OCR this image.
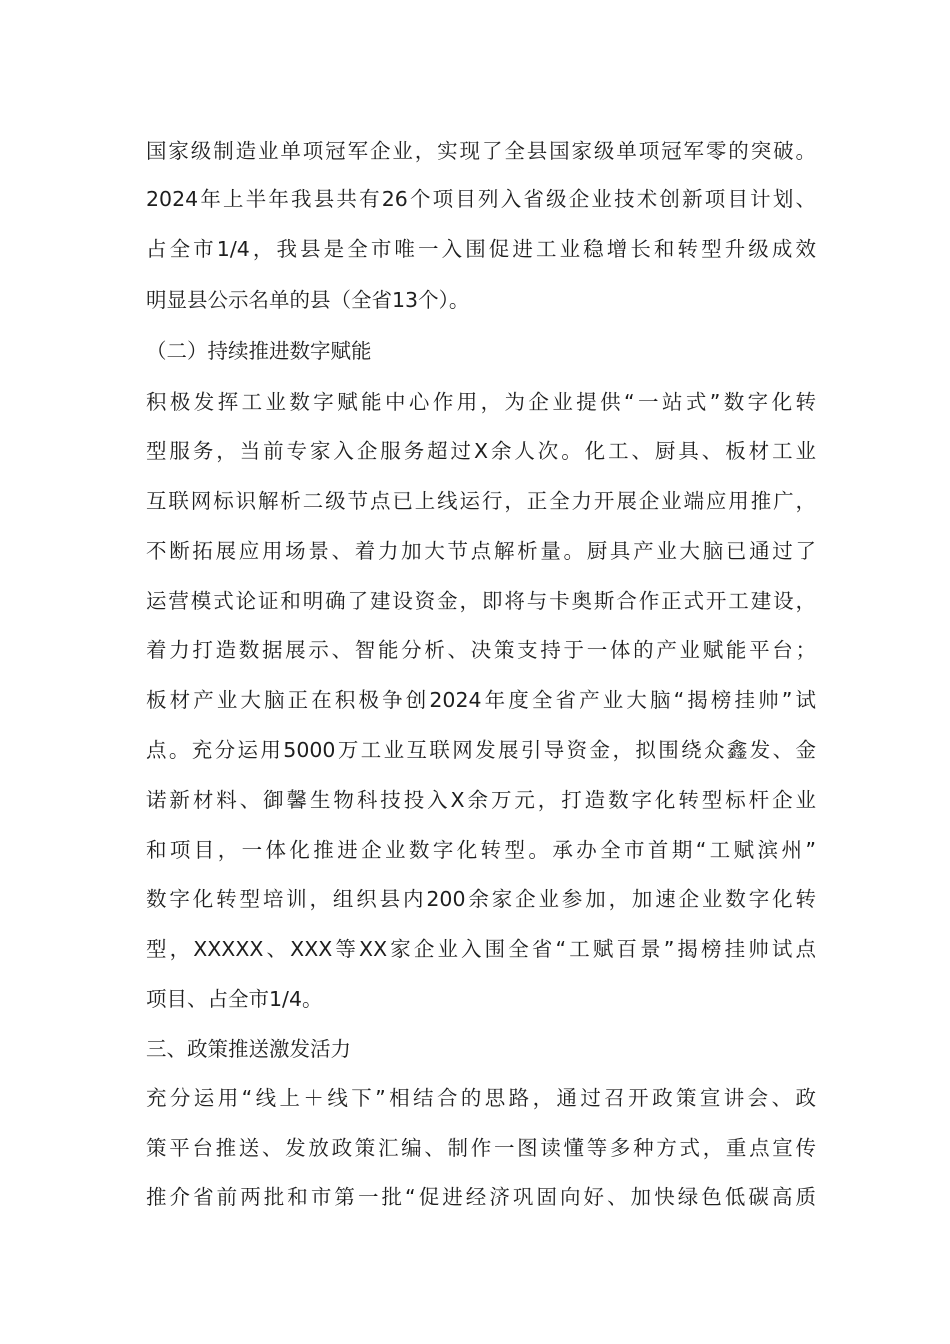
国家级制造业单项冠军企业，实现了全县国家级单项冠军零的突破。
2024年上半年我县共有26个项目列入省级企业技术创新项目计划、
占全市1/4，我县是全市唯一入围促进工业稳增长和转型升级成效
明显县公示名单的县（全省13个）。
（二）持续推进数字赋能
积极发挥工业数字赋能中心作用，为企业提供“一站式”数字化转
型服务，当前专家入企服务超过X余人次。化工、厨具、板材工业
互联网标识解析二级节点已上线运行，正全力开展企业端应用推广，
不断拓展应用场景、着力加大节点解析量。厨具产业大脑已通过了
运营模式论证和明确了建设资金，即将与卡奥斯合作正式开工建设，
着力打造数据展示、智能分析、决策支持于一体的产业赋能平台；
板材产业大脑正在积极争创2024年度全省产业大脑“揭榜挂帅”试
点。充分运用5000万工业互联网发展引导资金，拟围绕众鑫发、金
诺新材料、御馨生物科技投入X余万元，打造数字化转型标杆企业
和项目，一体化推进企业数字化转型。承办全市首期“工赋滨州”
数字化转型培训，组织县内200余家企业参加，加速企业数字化转
型，XXXXX、XXX等XX家企业入围全省“工赋百景”揭榜挂帅试点
项目、占全市1/4。
三、政策推送激发活力
充分运用“线上＋线下”相结合的思路，通过召开政策宣讲会、政
策平台推送、发放政策汇编、制作一图读懂等多种方式，重点宣传
推介省前两批和市第一批“促进经济巩固向好、加快绿色低碳高质
